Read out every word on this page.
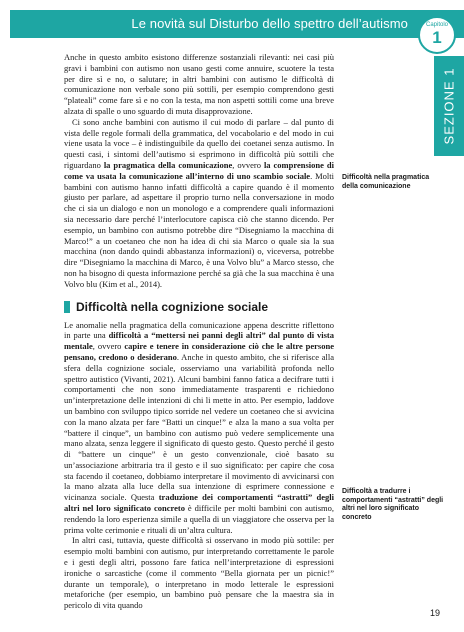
Le novità sul Disturbo dello spettro dell’autismo	Capitolo
1
SEZIONE 1

Anche in questo ambito esistono differenze sostanziali rilevanti: nei casi più gravi i bambini con autismo non usano gesti come annuire, scuotere la testa per dire sì e no, o salutare; in altri bambini con autismo le difficoltà di comunicazione non verbale sono più sottili, per esempio comprendono gesti “plateali” come fare sì e no con la testa, ma non aspetti sottili come una breve alzata di spalle o uno sguardo di muta disapprovazione.

Ci sono anche bambini con autismo il cui modo di parlare – dal punto di vista delle regole formali della grammatica, del vocabolario e del modo in cui viene usata la voce – è indistinguibile da quello dei coetanei senza autismo. In questi casi, i sintomi dell’autismo si esprimono in difficoltà più sottili che riguardano la pragmatica della comunicazione, ovvero la comprensione di come va usata la comunicazione all’interno di uno scambio sociale. Molti bambini con autismo hanno infatti difficoltà a capire quando è il momento giusto per parlare, ad aspettare il proprio turno nella conversazione in modo che ci sia un dialogo e non un monologo e a comprendere quali informazioni sia necessario dare perché l’interlocutore capisca ciò che stanno dicendo. Per esempio, un bambino con autismo potrebbe dire “Disegniamo la macchina di Marco!” a un coetaneo che non ha idea di chi sia Marco o quale sia la sua macchina (non dando quindi abbastanza informazioni) o, viceversa, potrebbe dire “Disegniamo la macchina di Marco, è una Volvo blu” a Marco stesso, che non ha bisogno di questa informazione perché sa già che la sua macchina è una Volvo blu (Kim et al., 2014).

Difficoltà nella cognizione sociale

Le anomalie nella pragmatica della comunicazione appena descritte riflettono in parte una difficoltà a “mettersi nei panni degli altri” dal punto di vista mentale, ovvero capire e tenere in considerazione ciò che le altre persone pensano, credono o desiderano. Anche in questo ambito, che si riferisce alla sfera della cognizione sociale, osserviamo una variabilità profonda nello spettro autistico (Vivanti, 2021). Alcuni bambini fanno fatica a decifrare tutti i comportamenti che non sono immediatamente trasparenti e richiedono un’interpretazione delle intenzioni di chi li mette in atto. Per esempio, laddove un bambino con sviluppo tipico sorride nel vedere un coetaneo che si avvicina con la mano alzata per fare “Batti un cinque!” e alza la mano a sua volta per “battere il cinque”, un bambino con autismo può vedere semplicemente una mano alzata, senza leggere il significato di questo gesto. Questo perché il gesto di “battere un cinque” è un gesto convenzionale, cioè basato su un’associazione arbitraria tra il gesto e il suo significato: per capire che cosa sta facendo il coetaneo, dobbiamo interpretare il movimento di avvicinarsi con la mano alzata alla luce della sua intenzione di esprimere connessione e vicinanza sociale. Questa traduzione dei comportamenti “astratti” degli altri nel loro significato concreto è difficile per molti bambini con autismo, rendendo la loro esperienza simile a quella di un viaggiatore che osserva per la prima volte cerimonie e rituali di un’altra cultura.

In altri casi, tuttavia, queste difficoltà si osservano in modo più sottile: per esempio molti bambini con autismo, pur interpretando correttamente le parole e i gesti degli altri, possono fare fatica nell’interpretazione di espressioni ironiche o sarcastiche (come il commento “Bella giornata per un picnic!” durante un temporale), o interpretano in modo letterale le espressioni metaforiche (per esempio, un bambino può pensare che la maestra sia in pericolo di vita quando

Difficoltà nella pragmatica della comunicazione
Difficoltà a tradurre i comportamenti “astratti” degli altri nel loro significato concreto
19
